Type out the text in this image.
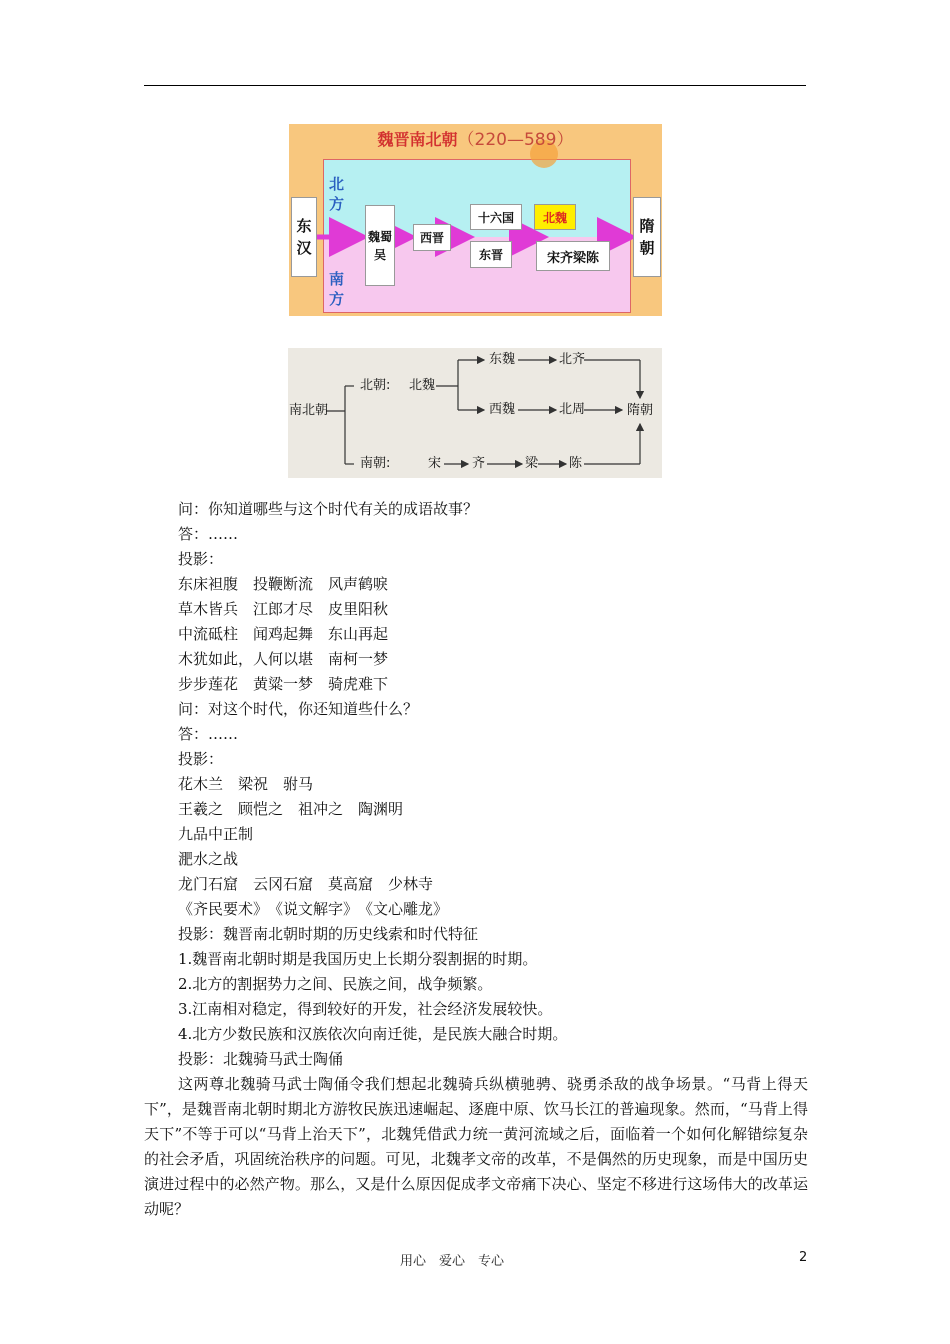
魏晋南北朝（220—589）
北方
南方
东汉
隋朝
魏蜀吴
西晋
十六国	北魏
东晋	宋齐梁陈
南北朝
北朝: 北魏
东魏	北齐
西魏	北周	隋朝
南朝:	宋 齐	梁 陈
问：你知道哪些与这个时代有关的成语故事？
答：……
投影：
东床袒腹　投鞭断流　风声鹤唳
草木皆兵　江郎才尽　皮里阳秋
中流砥柱　闻鸡起舞　东山再起
木犹如此，人何以堪　南柯一梦
步步莲花　黄粱一梦　骑虎难下
问：对这个时代，你还知道些什么？
答：……
投影：
花木兰　梁祝　驸马
王羲之　顾恺之　祖冲之　陶渊明
九品中正制
淝水之战
龙门石窟　云冈石窟　莫高窟　少林寺
《齐民要术》　《说文解字》　《文心雕龙》
投影：魏晋南北朝时期的历史线索和时代特征
1.魏晋南北朝时期是我国历史上长期分裂割据的时期。
2.北方的割据势力之间、民族之间，战争频繁。
3.江南相对稳定，得到较好的开发，社会经济发展较快。
4.北方少数民族和汉族依次向南迁徙，是民族大融合时期。
投影：北魏骑马武士陶俑
这两尊北魏骑马武士陶俑令我们想起北魏骑兵纵横驰骋、骁勇杀敌的战争场景。“马背上得天下”，是魏晋南北朝时期北方游牧民族迅速崛起、逐鹿中原、饮马长江的普遍现象。然而，“马背上得天下”不等于可以“马背上治天下”，北魏凭借武力统一黄河流域之后，面临着一个如何化解错综复杂的社会矛盾，巩固统治秩序的问题。可见，北魏孝文帝的改革，不是偶然的历史现象，而是中国历史演进过程中的必然产物。那么，又是什么原因促成孝文帝痛下决心、坚定不移进行这场伟大的改革运动呢？
用心　爱心　专心	2
